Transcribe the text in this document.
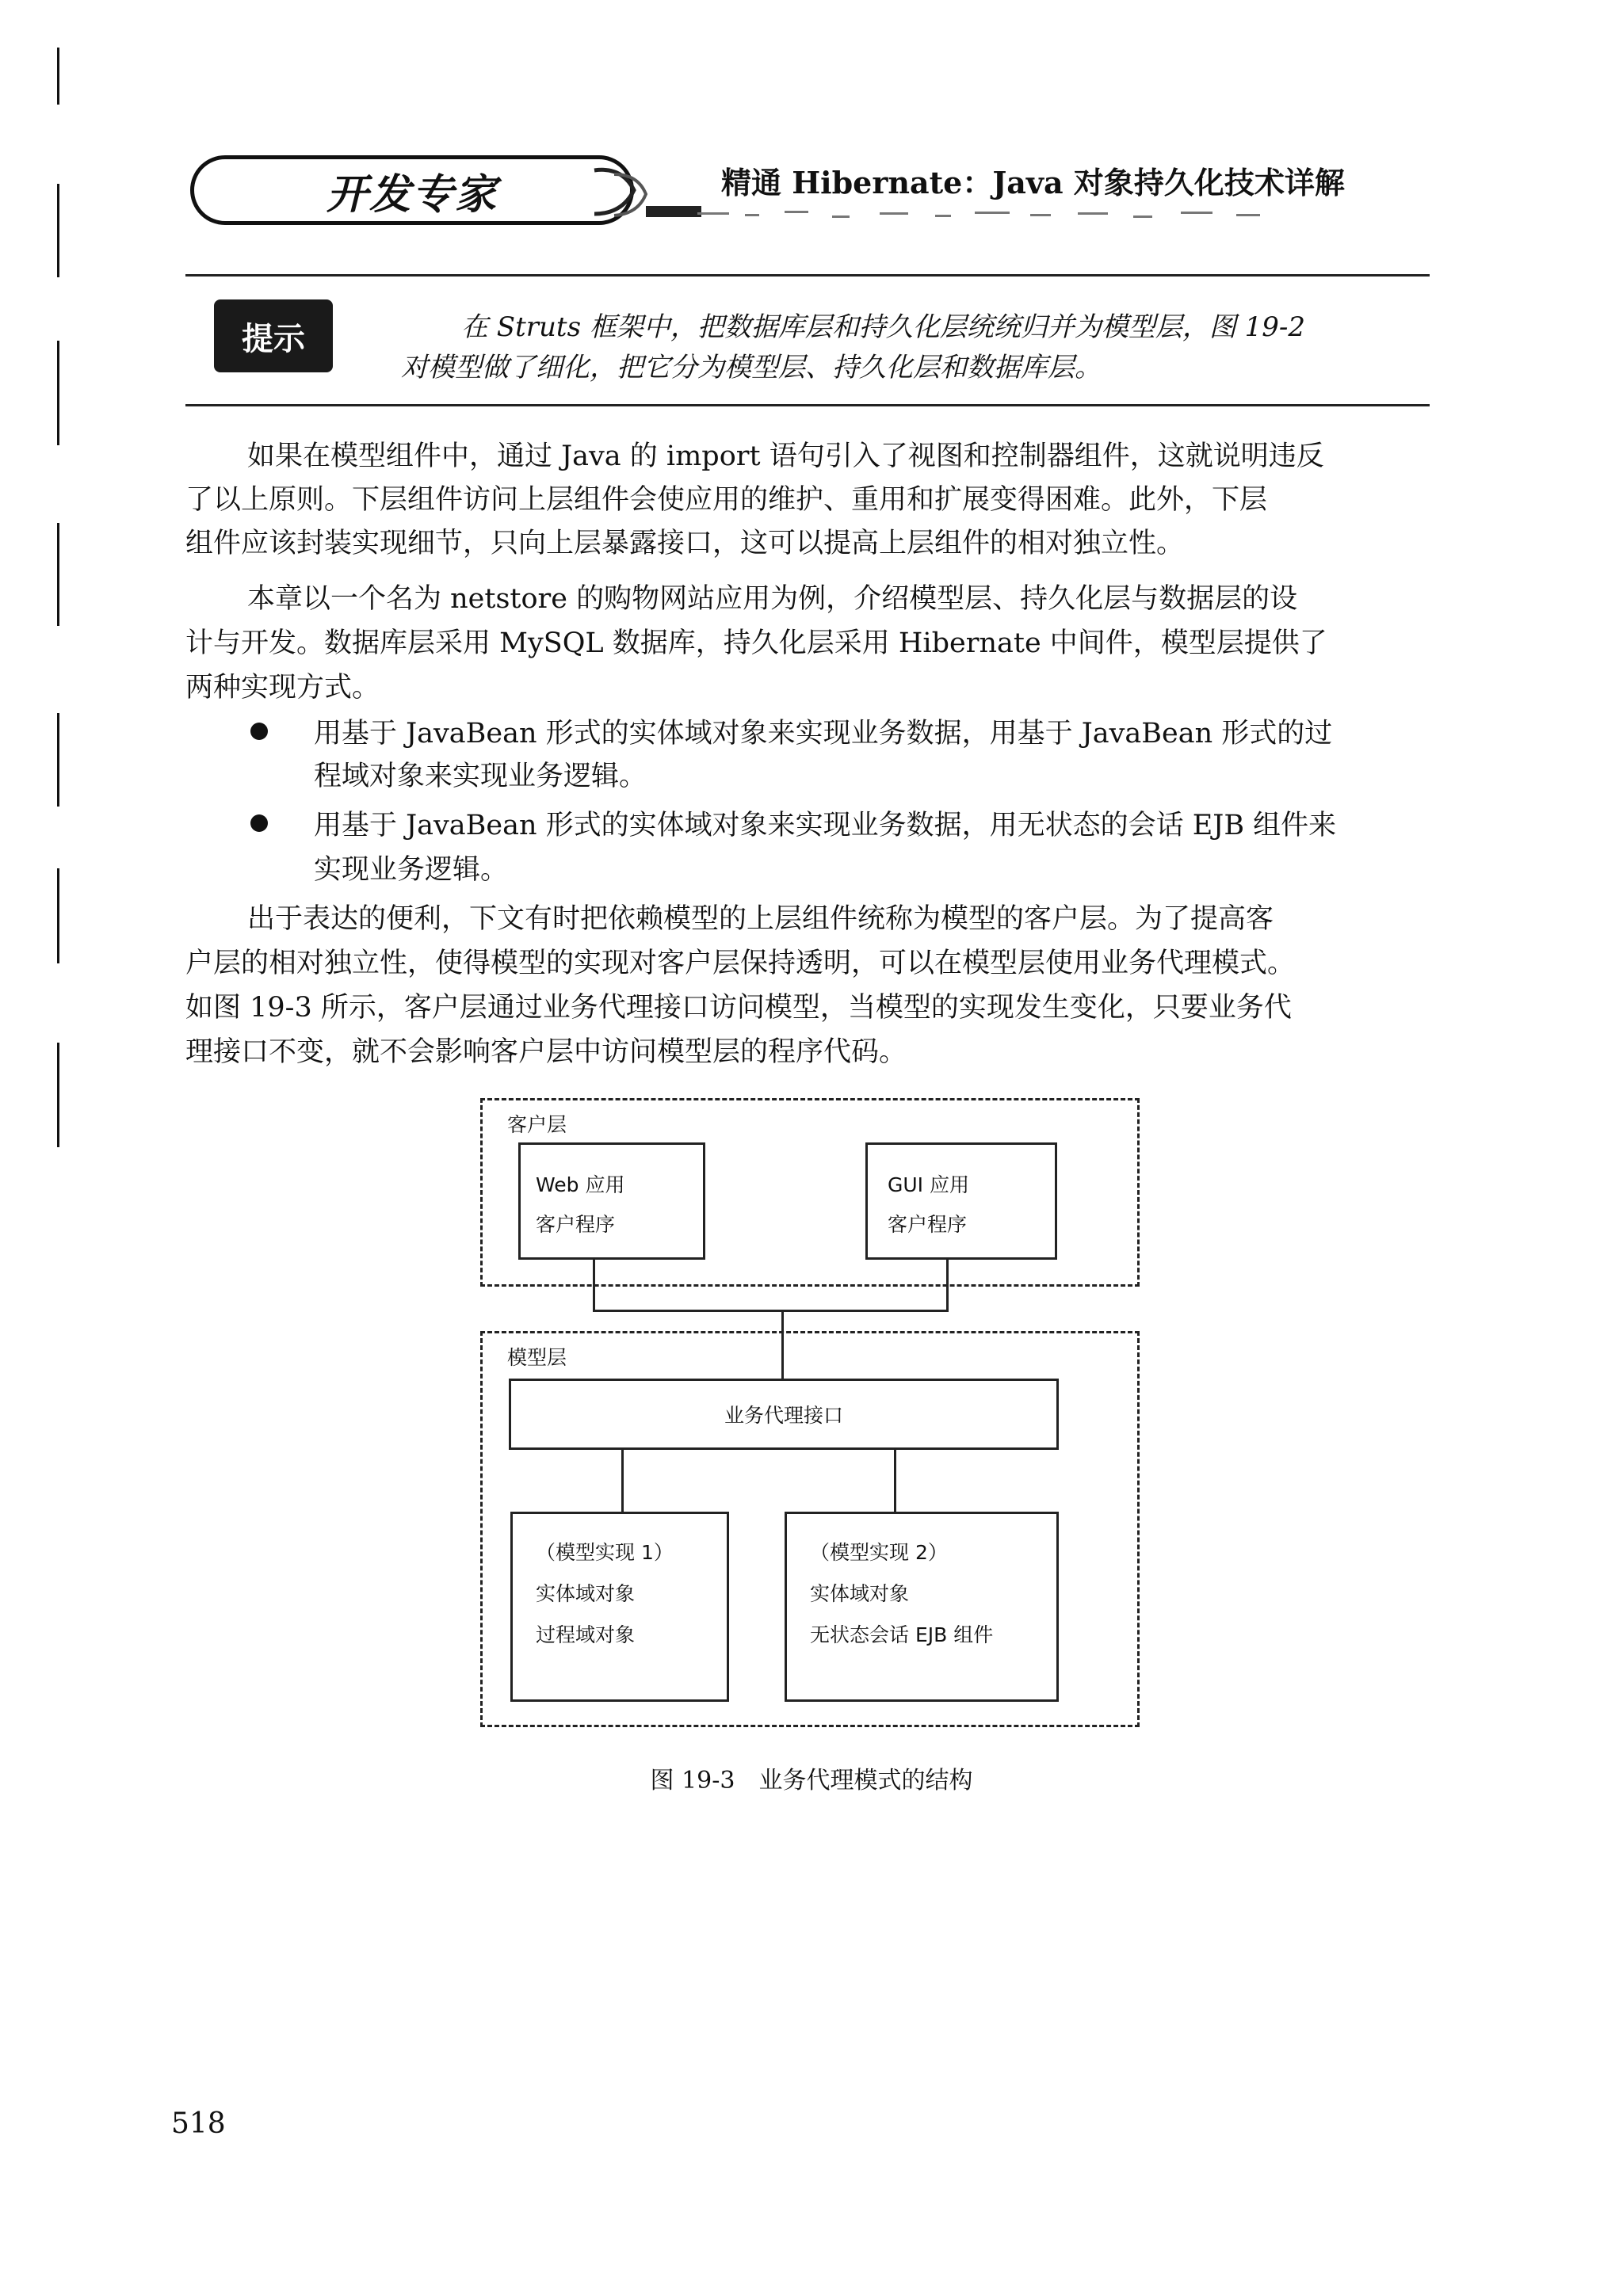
开发专家	精通 Hibernate：Java 对象持久化技术详解
提示	在 Struts 框架中，把数据库层和持久化层统统归并为模型层，图 19-2
对模型做了细化，把它分为模型层、持久化层和数据库层。
如果在模型组件中，通过 Java 的 import 语句引入了视图和控制器组件，这就说明违反
了以上原则。下层组件访问上层组件会使应用的维护、重用和扩展变得困难。此外，下层
组件应该封装实现细节，只向上层暴露接口，这可以提高上层组件的相对独立性。
本章以一个名为 netstore 的购物网站应用为例，介绍模型层、持久化层与数据层的设
计与开发。数据库层采用 MySQL 数据库，持久化层采用 Hibernate 中间件，模型层提供了
两种实现方式。
用基于 JavaBean 形式的实体域对象来实现业务数据，用基于 JavaBean 形式的过
程域对象来实现业务逻辑。
用基于 JavaBean 形式的实体域对象来实现业务数据，用无状态的会话 EJB 组件来
实现业务逻辑。
出于表达的便利，下文有时把依赖模型的上层组件统称为模型的客户层。为了提高客
户层的相对独立性，使得模型的实现对客户层保持透明，可以在模型层使用业务代理模式。
如图 19-3 所示，客户层通过业务代理接口访问模型，当模型的实现发生变化，只要业务代
理接口不变，就不会影响客户层中访问模型层的程序代码。
客户层
Web 应用
客户程序
GUI 应用
客户程序
模型层
业务代理接口
（模型实现 1）
实体域对象
过程域对象
（模型实现 2）
实体域对象
无状态会话 EJB 组件
图 19-3　业务代理模式的结构
518
